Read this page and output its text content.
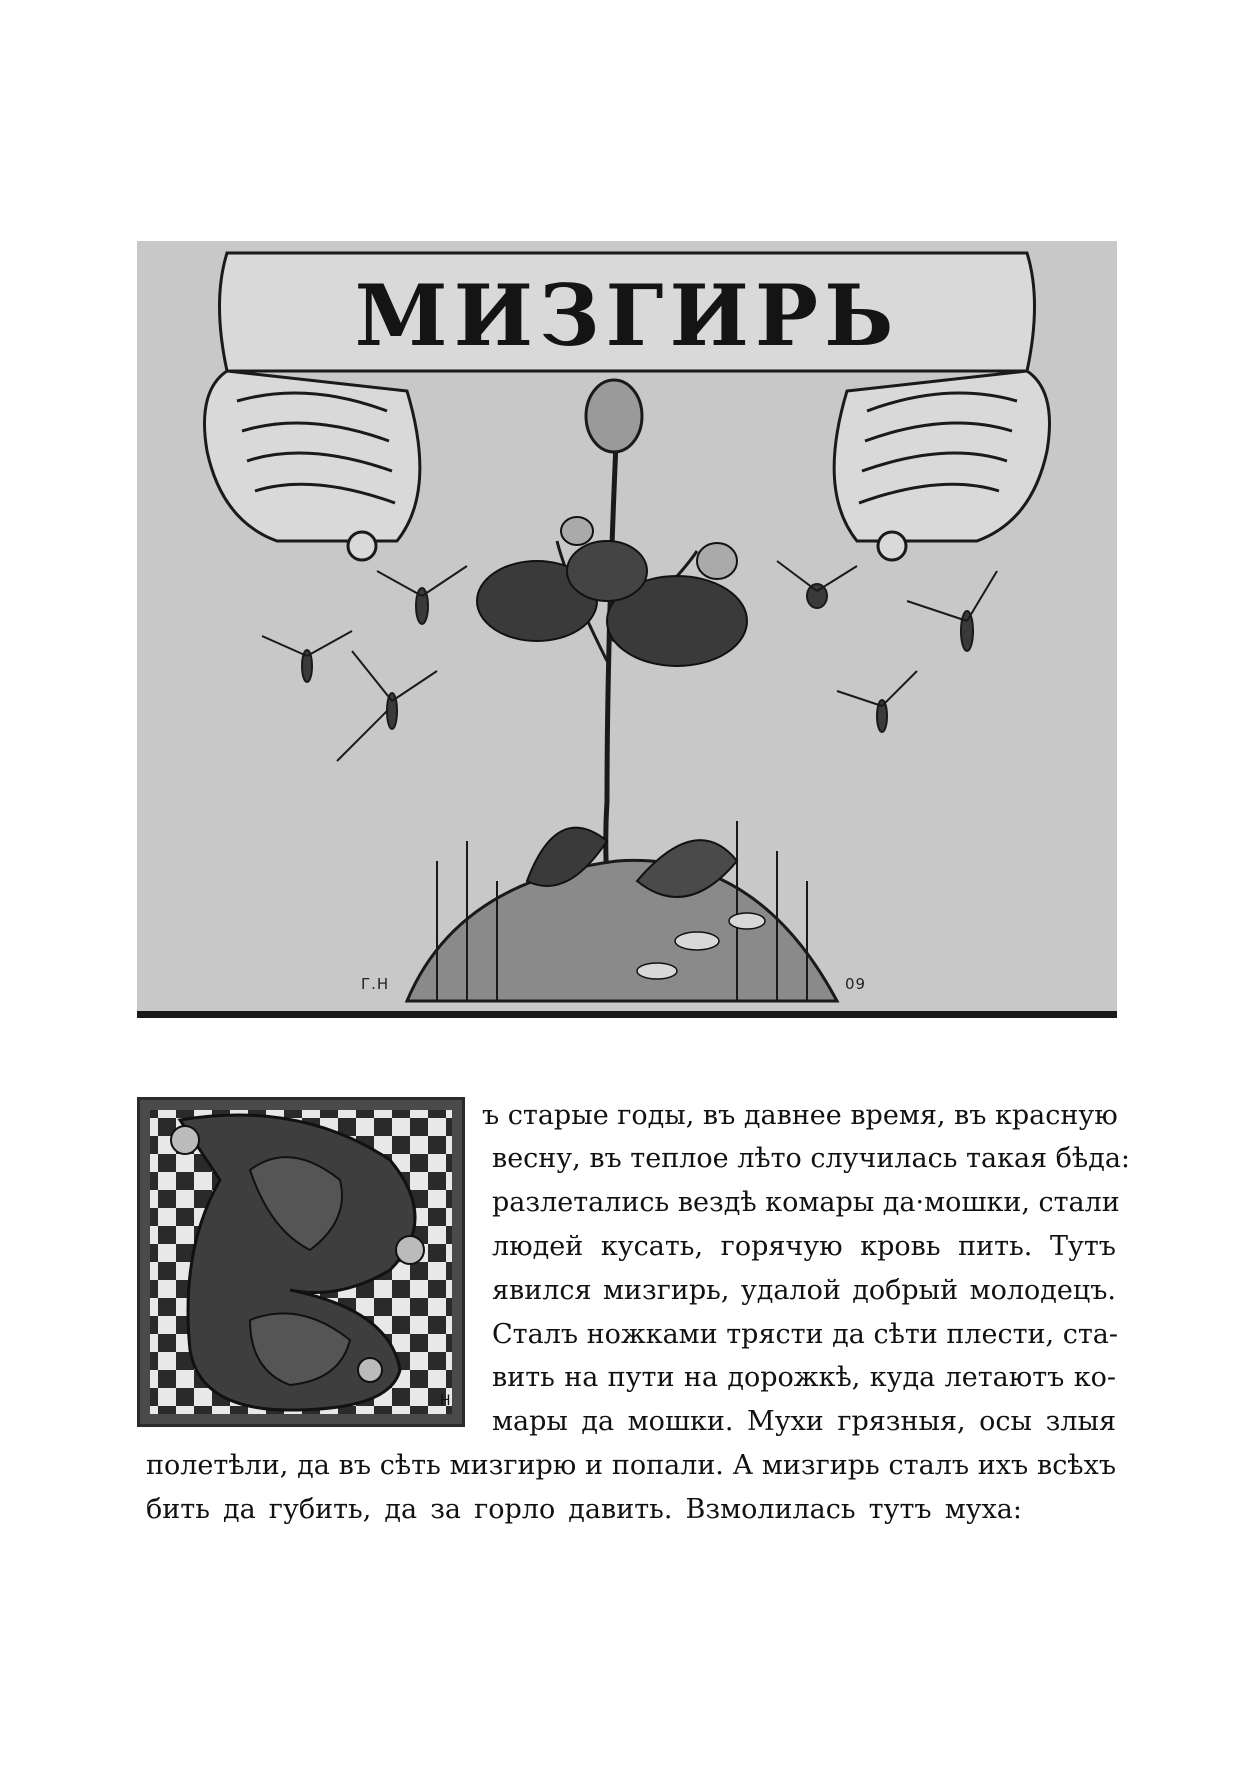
МИЗГИРЬ
Г.Н	09
Н
ъ старые годы, въ давнее время, въ красную
весну, въ теплое лѣто случилась такая бѣда:
разлетались вездѣ комары да·мошки, стали
людей кусать, горячую кровь пить. Тутъ
явился мизгирь, удалой добрый молодецъ.
Сталъ ножками трясти да сѣти плести, ста-
вить на пути на дорожкѣ, куда летаютъ ко-
мары да мошки. Мухи грязныя, осы злыя
полетѣли, да въ сѣть мизгирю и попали. А мизгирь сталъ ихъ всѣхъ
бить да губить, да за горло давить. Взмолилась тутъ муха:
